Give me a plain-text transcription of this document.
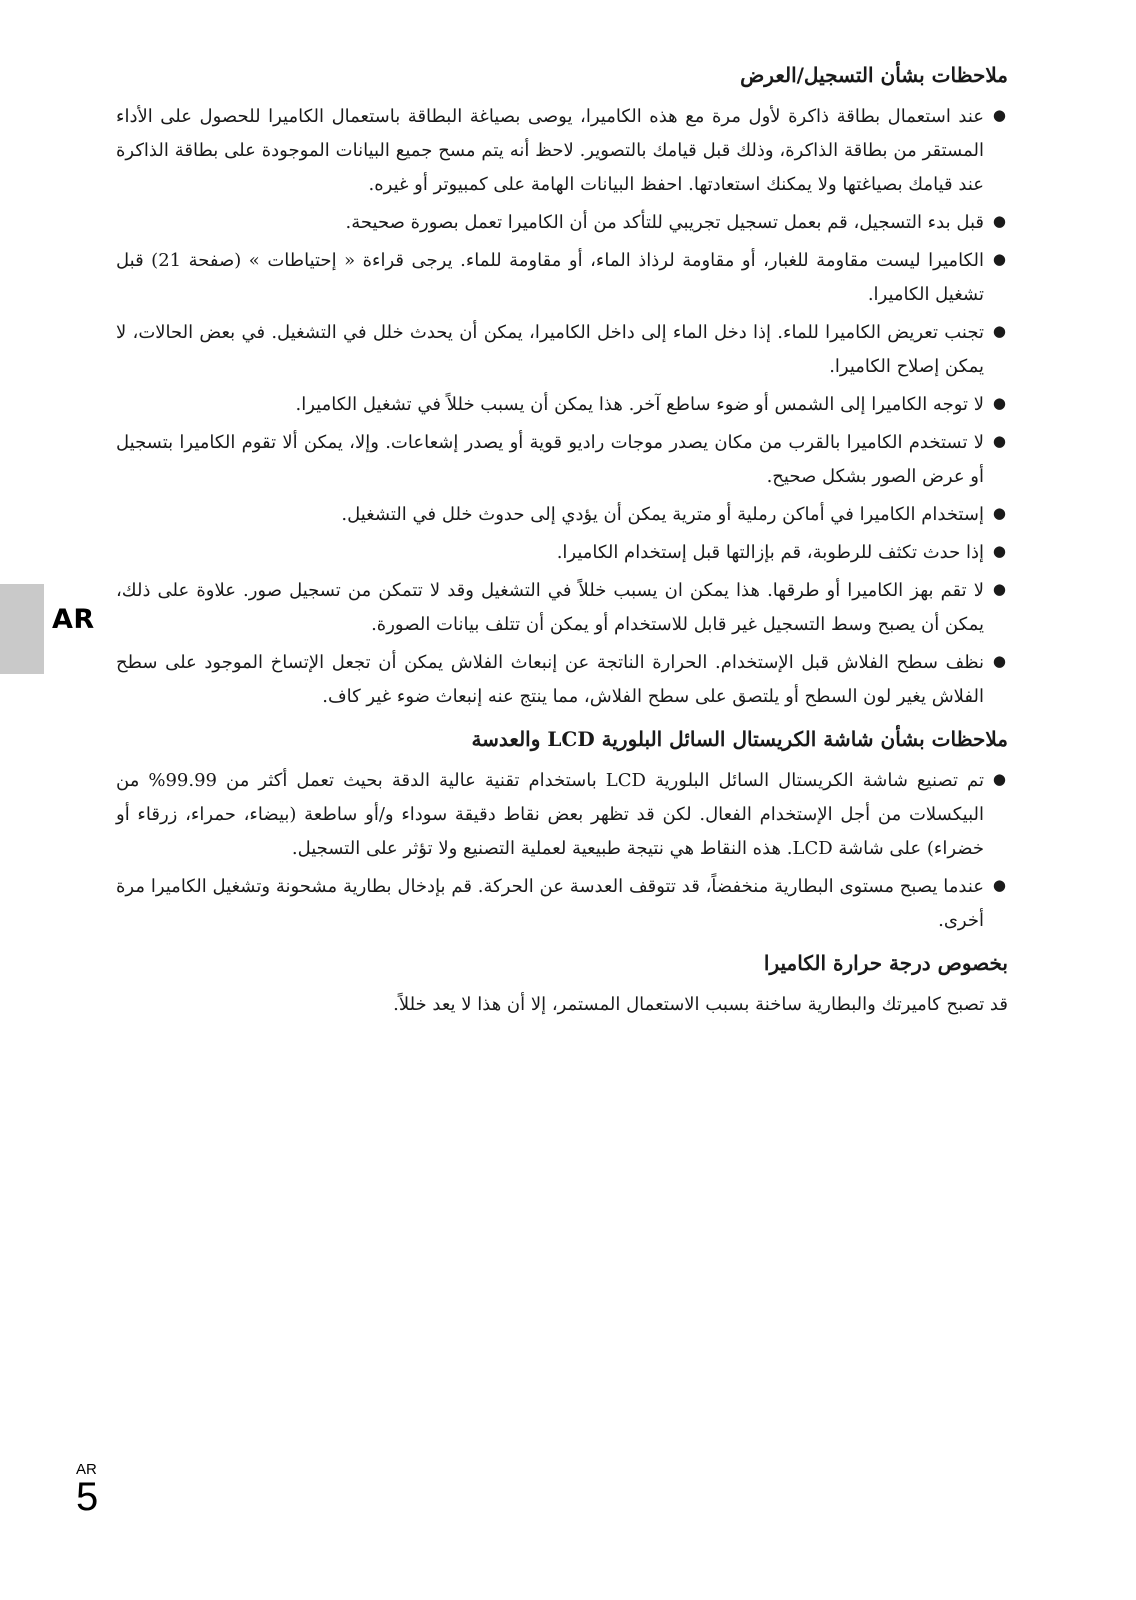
AR
ملاحظات بشأن التسجيل/العرض
●
عند استعمال بطاقة ذاكرة لأول مرة مع هذه الكاميرا، يوصى بصياغة البطاقة باستعمال الكاميرا للحصول على الأداء المستقر من بطاقة الذاكرة، وذلك قبل قيامك بالتصوير. لاحظ أنه يتم مسح جميع البيانات الموجودة على بطاقة الذاكرة عند قيامك بصياغتها ولا يمكنك استعادتها. احفظ البيانات الهامة على كمبيوتر أو غيره.
●
قبل بدء التسجيل، قم بعمل تسجيل تجريبي للتأكد من أن الكاميرا تعمل بصورة صحيحة.
●
الكاميرا ليست مقاومة للغبار، أو مقاومة لرذاذ الماء، أو مقاومة للماء. يرجى قراءة « إحتياطات » (صفحة 21) قبل تشغيل الكاميرا.
●
تجنب تعريض الكاميرا للماء. إذا دخل الماء إلى داخل الكاميرا، يمكن أن يحدث خلل في التشغيل. في بعض الحالات، لا يمكن إصلاح الكاميرا.
●
لا توجه الكاميرا إلى الشمس أو ضوء ساطع آخر. هذا يمكن أن يسبب خللاً في تشغيل الكاميرا.
●
لا تستخدم الكاميرا بالقرب من مكان يصدر موجات راديو قوية أو يصدر إشعاعات. وإلا، يمكن ألا تقوم الكاميرا بتسجيل أو عرض الصور بشكل صحيح.
●
إستخدام الكاميرا في أماكن رملية أو مترية يمكن أن يؤدي إلى حدوث خلل في التشغيل.
●
إذا حدث تكثف للرطوبة، قم بإزالتها قبل إستخدام الكاميرا.
●
لا تقم بهز الكاميرا أو طرقها. هذا يمكن ان يسبب خللاً في التشغيل وقد لا تتمكن من تسجيل صور. علاوة على ذلك، يمكن أن يصبح وسط التسجيل غير قابل للاستخدام أو يمكن أن تتلف بيانات الصورة.
●
نظف سطح الفلاش قبل الإستخدام. الحرارة الناتجة عن إنبعاث الفلاش يمكن أن تجعل الإتساخ الموجود على سطح الفلاش يغير لون السطح أو يلتصق على سطح الفلاش، مما ينتج عنه إنبعاث ضوء غير كاف.
ملاحظات بشأن شاشة الكريستال السائل البلورية LCD والعدسة
●
تم تصنيع شاشة الكريستال السائل البلورية LCD باستخدام تقنية عالية الدقة بحيث تعمل أكثر من 99.99% من البيكسلات من أجل الإستخدام الفعال. لكن قد تظهر بعض نقاط دقيقة سوداء و/أو ساطعة (بيضاء، حمراء، زرقاء أو خضراء) على شاشة LCD. هذه النقاط هي نتيجة طبيعية لعملية التصنيع ولا تؤثر على التسجيل.
●
عندما يصبح مستوى البطارية منخفضاً، قد تتوقف العدسة عن الحركة. قم بإدخال بطارية مشحونة وتشغيل الكاميرا مرة أخرى.
بخصوص درجة حرارة الكاميرا

قد تصبح كاميرتك والبطارية ساخنة بسبب الاستعمال المستمر، إلا أن هذا لا يعد خللاً.

AR
5
